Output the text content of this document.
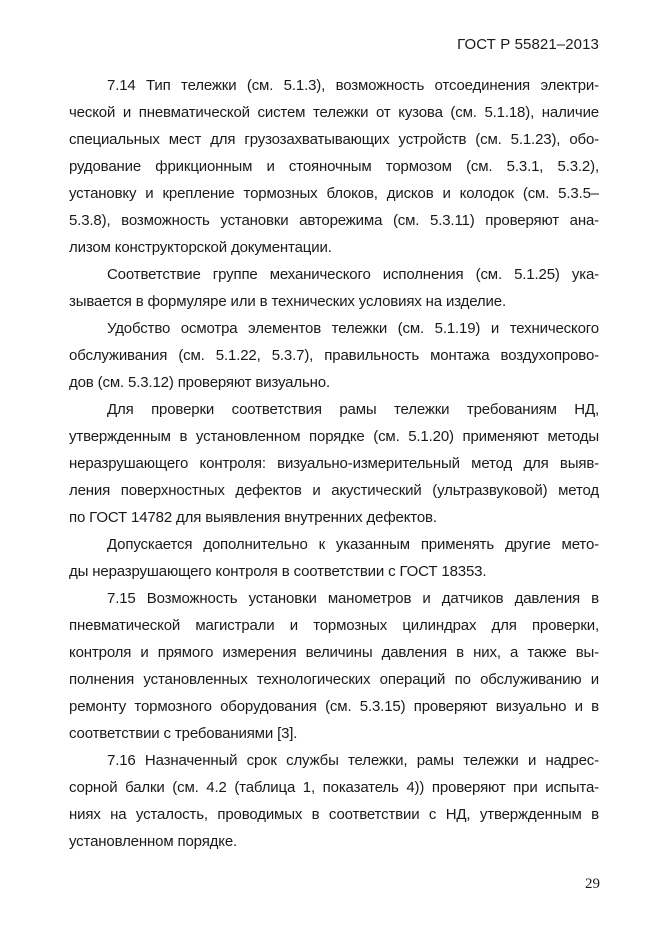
ГОСТ Р 55821–2013
7.14 Тип тележки (см. 5.1.3), возможность отсоединения электри-
ческой и пневматической систем тележки от кузова (см. 5.1.18), наличие
специальных мест для грузозахватывающих устройств (см. 5.1.23), обо-
рудование фрикционным и стояночным тормозом (см. 5.3.1, 5.3.2),
установку и крепление тормозных блоков, дисков и колодок (см. 5.3.5–
5.3.8), возможность установки авторежима (см. 5.3.11) проверяют ана-
лизом конструкторской документации.
Соответствие группе механического исполнения (см. 5.1.25) ука-
зывается в формуляре или в технических условиях на изделие.
Удобство осмотра элементов тележки (см. 5.1.19) и технического
обслуживания (см. 5.1.22, 5.3.7), правильность монтажа воздухопрово-
дов (см. 5.3.12) проверяют визуально.
Для проверки соответствия рамы тележки требованиям НД,
утвержденным в установленном порядке (см. 5.1.20) применяют методы
неразрушающего контроля: визуально-измерительный метод для выяв-
ления поверхностных дефектов и акустический (ультразвуковой) метод
по ГОСТ 14782 для выявления внутренних дефектов.
Допускается дополнительно к указанным применять другие мето-
ды неразрушающего контроля в соответствии с ГОСТ 18353.
7.15 Возможность установки манометров и датчиков давления в
пневматической магистрали и тормозных цилиндрах для проверки,
контроля и прямого измерения величины давления в них, а также вы-
полнения установленных технологических операций по обслуживанию и
ремонту тормозного оборудования (см. 5.3.15) проверяют визуально и в
соответствии с требованиями [3].
7.16 Назначенный срок службы тележки, рамы тележки и надрес-
сорной балки (см. 4.2 (таблица 1, показатель 4)) проверяют при испыта-
ниях на усталость, проводимых в соответствии с НД, утвержденным в
установленном порядке.
29
